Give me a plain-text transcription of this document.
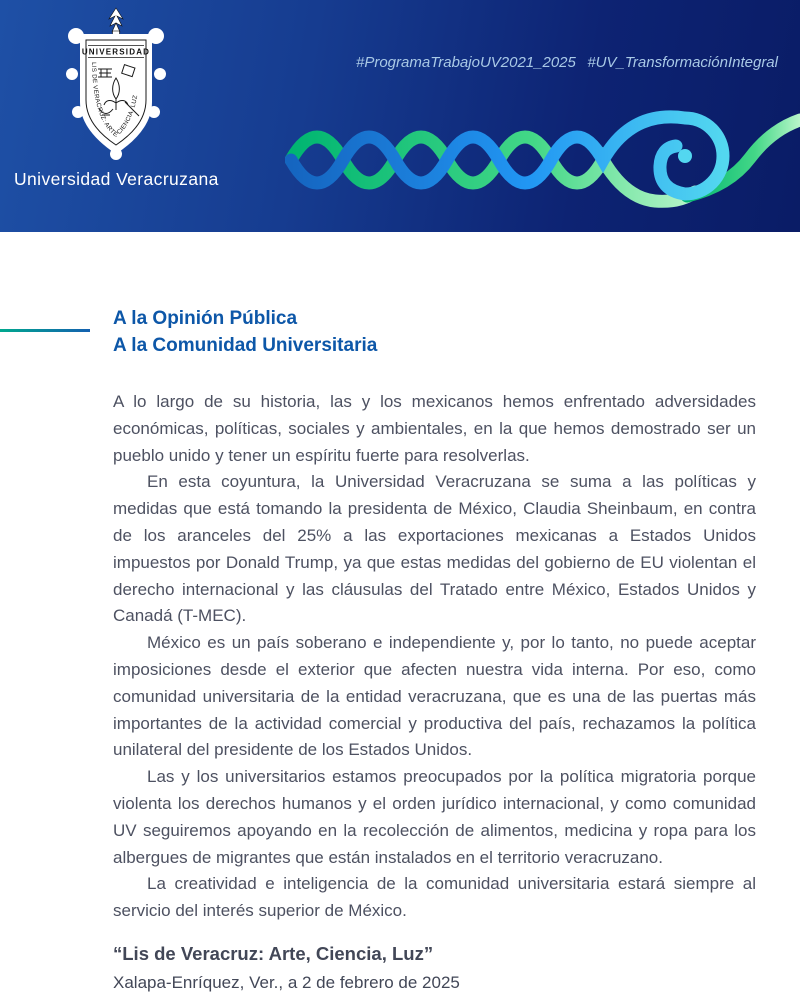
UNIVERSIDAD
LIS DE VERACRUZ: ARTE. CIENCIA, LUZ
Universidad Veracruzana
#ProgramaTrabajoUV2021_2025 #UV_TransformaciónIntegral
A la Opinión Pública
A la Comunidad Universitaria

A lo largo de su historia, las y los mexicanos hemos enfrentado adversidades económicas, políticas, sociales y ambientales, en la que hemos demostrado ser un pueblo unido y tener un espíritu fuerte para resolverlas.

En esta coyuntura, la Universidad Veracruzana se suma a las políticas y medidas que está tomando la presidenta de México, Claudia Sheinbaum, en contra de los aranceles del 25% a las exportaciones mexicanas a Estados Unidos impuestos por Donald Trump, ya que estas medidas del gobierno de EU violentan el derecho internacional y las cláusulas del Tratado entre México, Estados Unidos y Canadá (T-MEC).

México es un país soberano e independiente y, por lo tanto, no puede aceptar imposiciones desde el exterior que afecten nuestra vida interna. Por eso, como comunidad universitaria de la entidad veracruzana, que es una de las puertas más importantes de la actividad comercial y productiva del país, rechazamos la política unilateral del presidente de los Estados Unidos.

Las y los universitarios estamos preocupados por la política migratoria porque violenta los derechos humanos y el orden jurídico internacional, y como comunidad UV seguiremos apoyando en la recolección de alimentos, medicina y ropa para los albergues de migrantes que están instalados en el territorio veracruzano.

La creatividad e inteligencia de la comunidad universitaria estará siempre al servicio del interés superior de México.

“Lis de Veracruz: Arte, Ciencia, Luz”

Xalapa-Enríquez, Ver., a 2 de febrero de 2025
